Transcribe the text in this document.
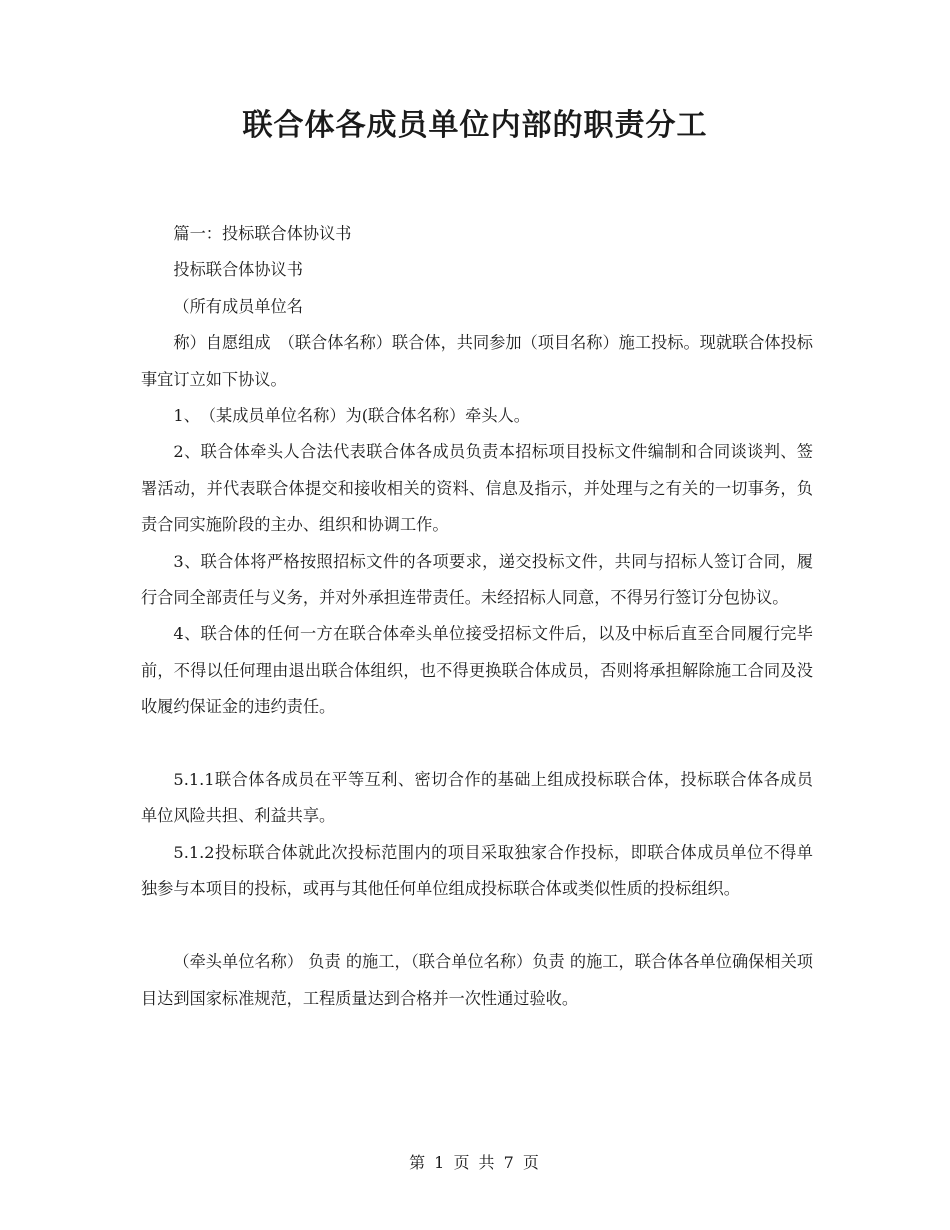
联合体各成员单位内部的职责分工

篇一：投标联合体协议书

投标联合体协议书

（所有成员单位名

称）自愿组成　（联合体名称）联合体，共同参加（项目名称）施工投标。现就联合体投标事宜订立如下协议。

1、　（某成员单位名称）为(联合体名称）牵头人。

2、联合体牵头人合法代表联合体各成员负责本招标项目投标文件编制和合同谈谈判、签署活动，并代表联合体提交和接收相关的资料、信息及指示，并处理与之有关的一切事务，负责合同实施阶段的主办、组织和协调工作。

3、联合体将严格按照招标文件的各项要求，递交投标文件，共同与招标人签订合同，履行合同全部责任与义务，并对外承担连带责任。未经招标人同意，不得另行签订分包协议。

4、联合体的任何一方在联合体牵头单位接受招标文件后，以及中标后直至合同履行完毕前，不得以任何理由退出联合体组织，也不得更换联合体成员，否则将承担解除施工合同及没收履约保证金的违约责任。

5.1.1联合体各成员在平等互利、密切合作的基础上组成投标联合体，投标联合体各成员单位风险共担、利益共享。

5.1.2投标联合体就此次投标范围内的项目采取独家合作投标，即联合体成员单位不得单独参与本项目的投标，或再与其他任何单位组成投标联合体或类似性质的投标组织。

（牵头单位名称） 负责 的施工，（联合单位名称）负责 的施工，联合体各单位确保相关项目达到国家标准规范，工程质量达到合格并一次性通过验收。

第 1 页 共 7 页
